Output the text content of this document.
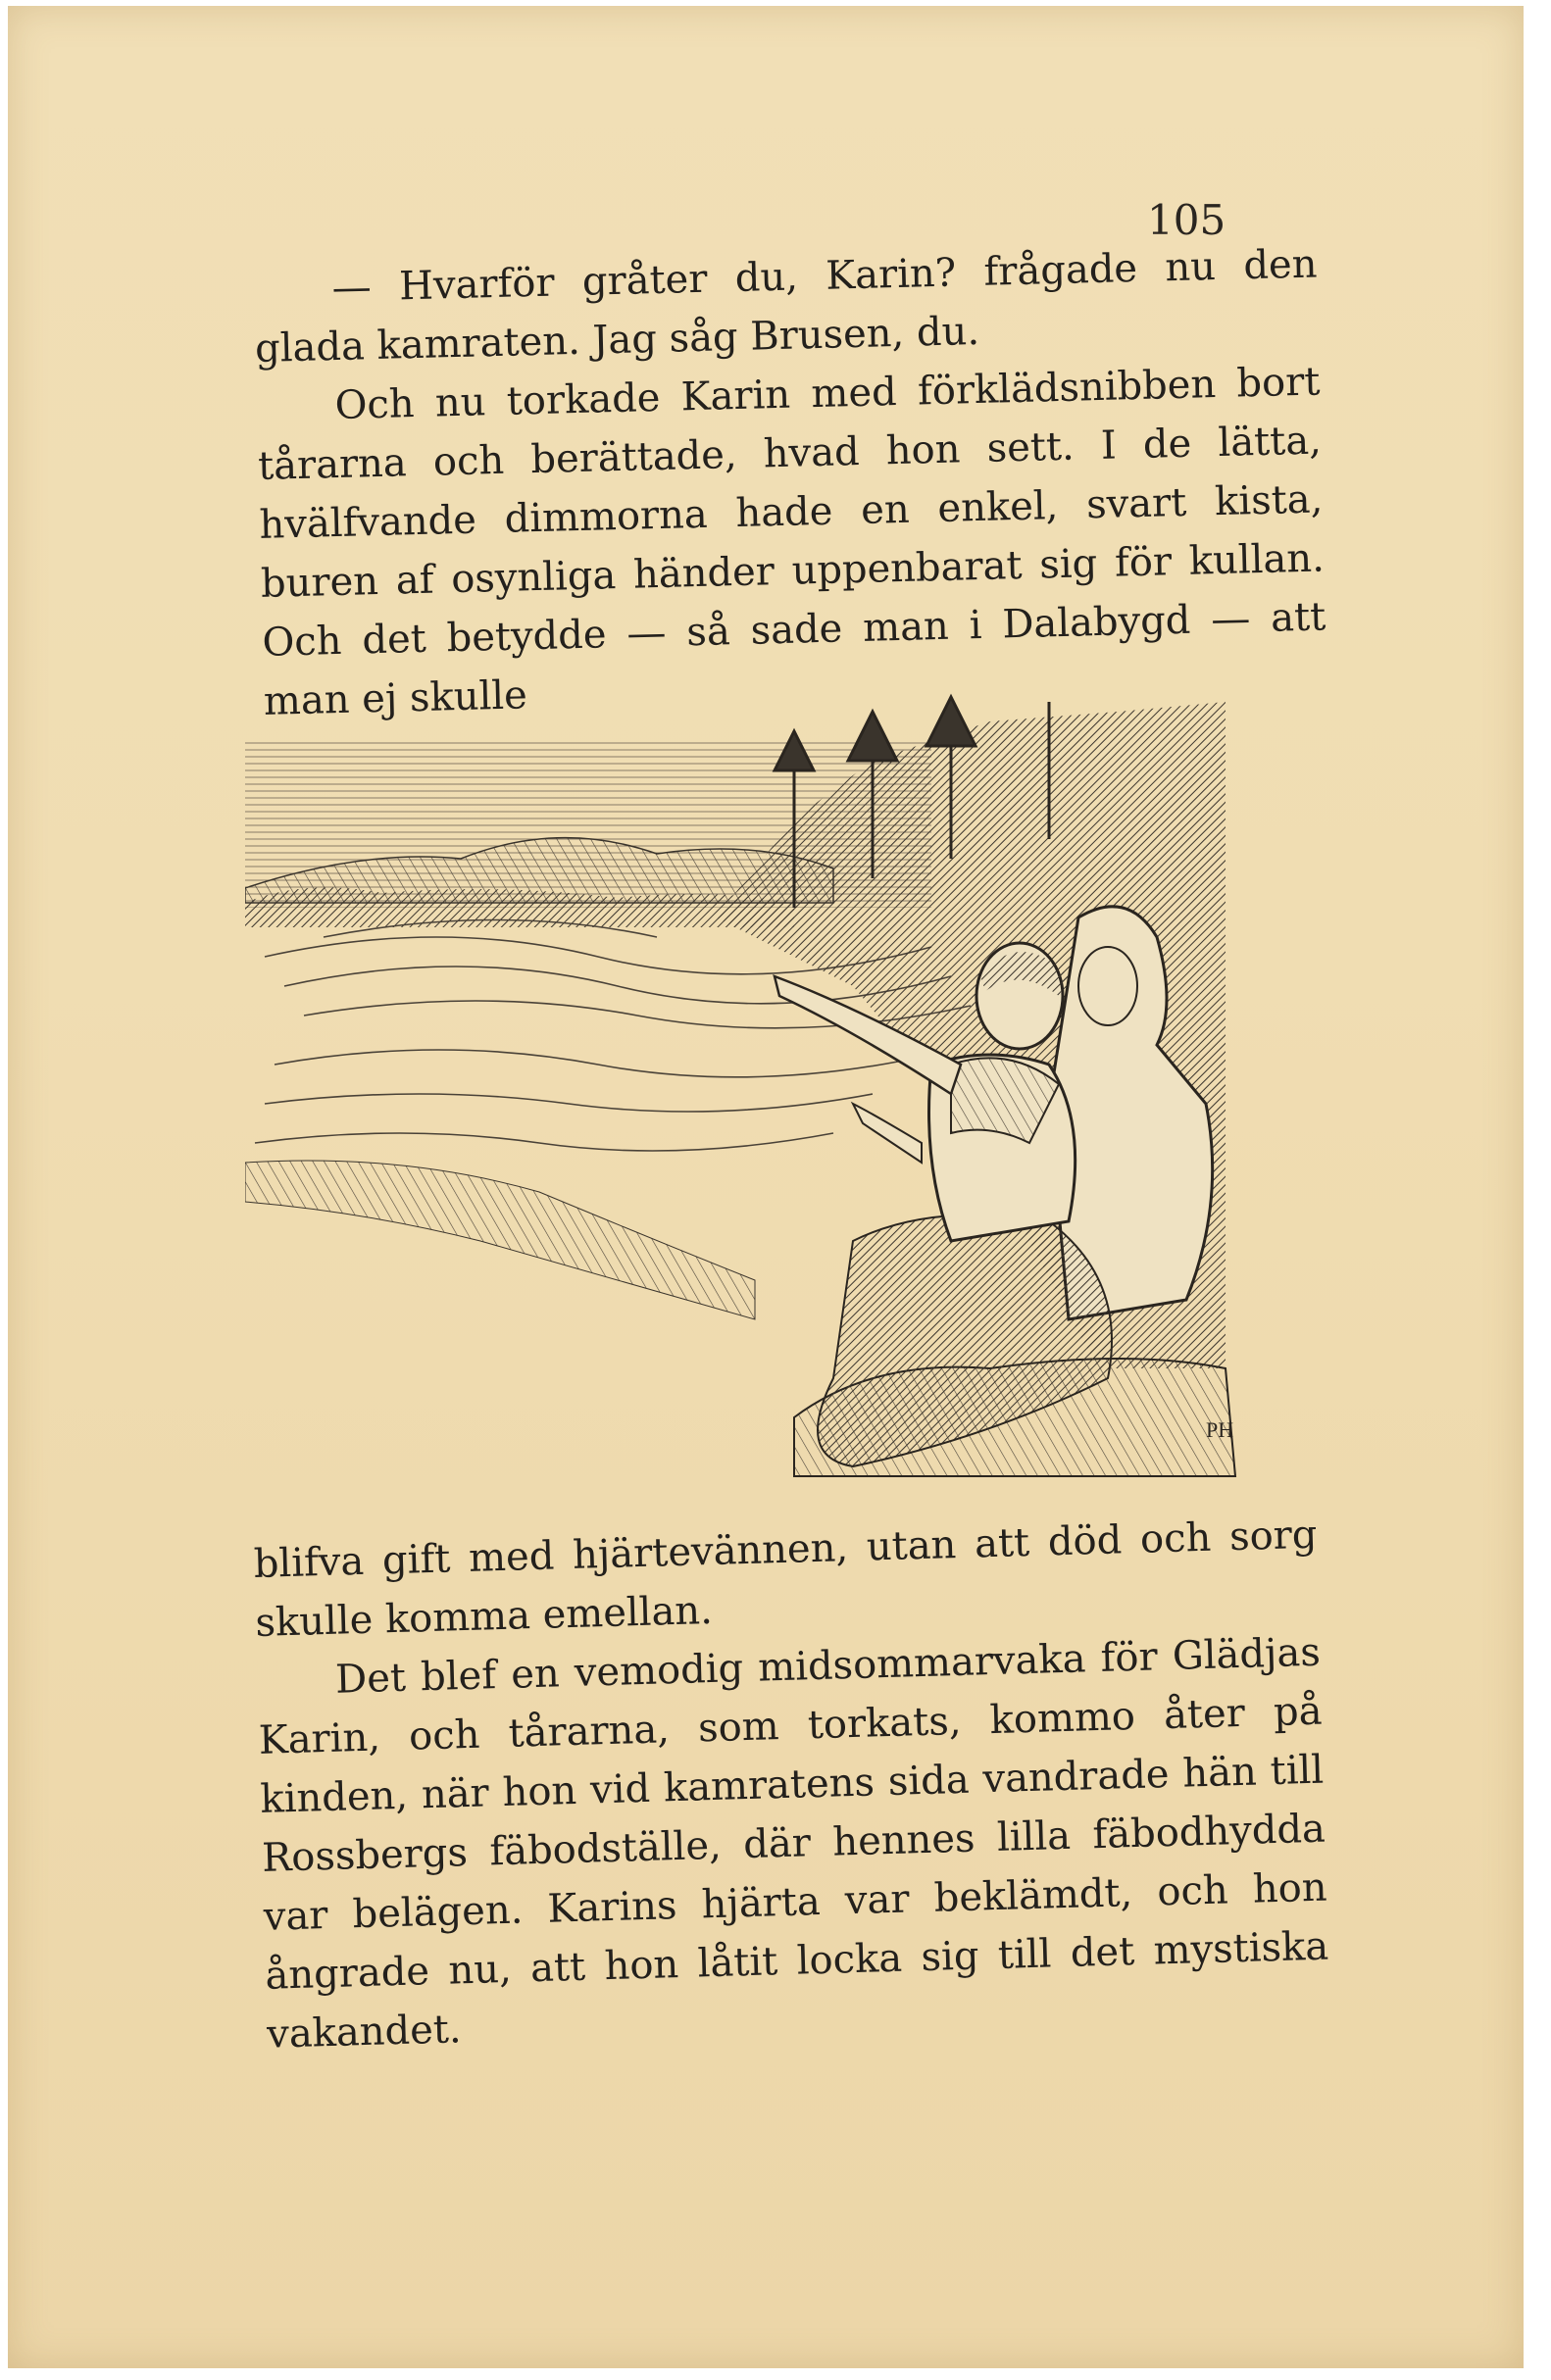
105

— Hvarför gråter du, Karin? frågade nu den glada kamraten. Jag såg Brusen, du.

Och nu torkade Karin med förklädsnibben bort tårarna och berättade, hvad hon sett. I de lätta, hvälfvande dimmorna hade en enkel, svart kista, buren af osynliga händer uppenbarat sig för kullan. Och det betydde — så sade man i Dalabygd — att man ej skulle

PH

blifva gift med hjärtevännen, utan att död och sorg skulle komma emellan.

Det blef en vemodig midsommarvaka för Glädjas Karin, och tårarna, som torkats, kommo åter på kinden, när hon vid kamratens sida vandrade hän till Rossbergs fäbodställe, där hennes lilla fäbodhydda var belägen. Karins hjärta var beklämdt, och hon ångrade nu, att hon låtit locka sig till det mystiska vakandet.
